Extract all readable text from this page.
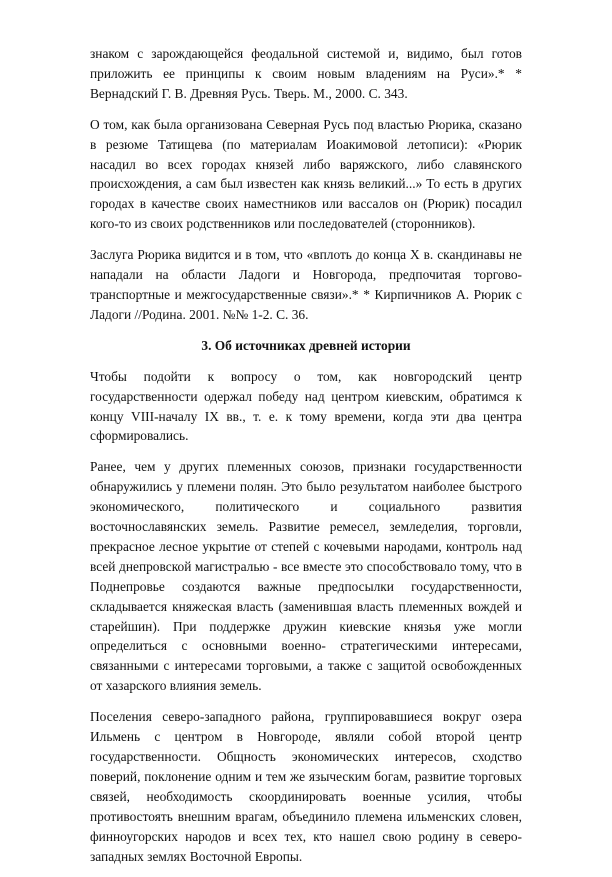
знаком с зарождающейся феодальной системой и, видимо, был готов приложить ее принципы к своим новым владениям на Руси».* * Вернадский Г. В. Древняя Русь. Тверь. М., 2000. С. 343.

О том, как была организована Северная Русь под властью Рюрика, сказано в резюме Татищева (по материалам Иоакимовой летописи): «Рюрик насадил во всех городах князей либо варяжского, либо славянского происхождения, а сам был известен как князь великий...» То есть в других городах в качестве своих наместников или вассалов он (Рюрик) посадил кого-то из своих родственников или последователей (сторонников).

Заслуга Рюрика видится и в том, что «вплоть до конца X в. скандинавы не нападали на области Ладоги и Новгорода, предпочитая торгово-транспортные и межгосударственные связи».* * Кирпичников А. Рюрик с Ладоги //Родина. 2001. №№ 1-2. С. 36.

3. Об источниках древней истории

Чтобы подойти к вопросу о том, как новгородский центр государственности одержал победу над центром киевским, обратимся к концу VIII-началу IX вв., т. е. к тому времени, когда эти два центра сформировались.

Ранее, чем у других племенных союзов, признаки государственности обнаружились у племени полян. Это было результатом наиболее быстрого экономического, политического и социального развития восточнославянских земель. Развитие ремесел, земледелия, торговли, прекрасное лесное укрытие от степей с кочевыми народами, контроль над всей днепровской магистралью - все вместе это способствовало тому, что в Поднепровье создаются важные предпосылки государственности, складывается княжеская власть (заменившая власть племенных вождей и старейшин). При поддержке дружин киевские князья уже могли определиться с основными военно- стратегическими интересами, связанными с интересами торговыми, а также с защитой освобожденных от хазарского влияния земель.

Поселения северо-западного района, группировавшиеся вокруг озера Ильмень с центром в Новгороде, являли собой второй центр государственности. Общность экономических интересов, сходство поверий, поклонение одним и тем же языческим богам, развитие торговых связей, необходимость скоординировать военные усилия, чтобы противостоять внешним врагам, объединило племена ильменских словен, финноугорских народов и всех тех, кто нашел свою родину в северо-западных землях Восточной Европы.
